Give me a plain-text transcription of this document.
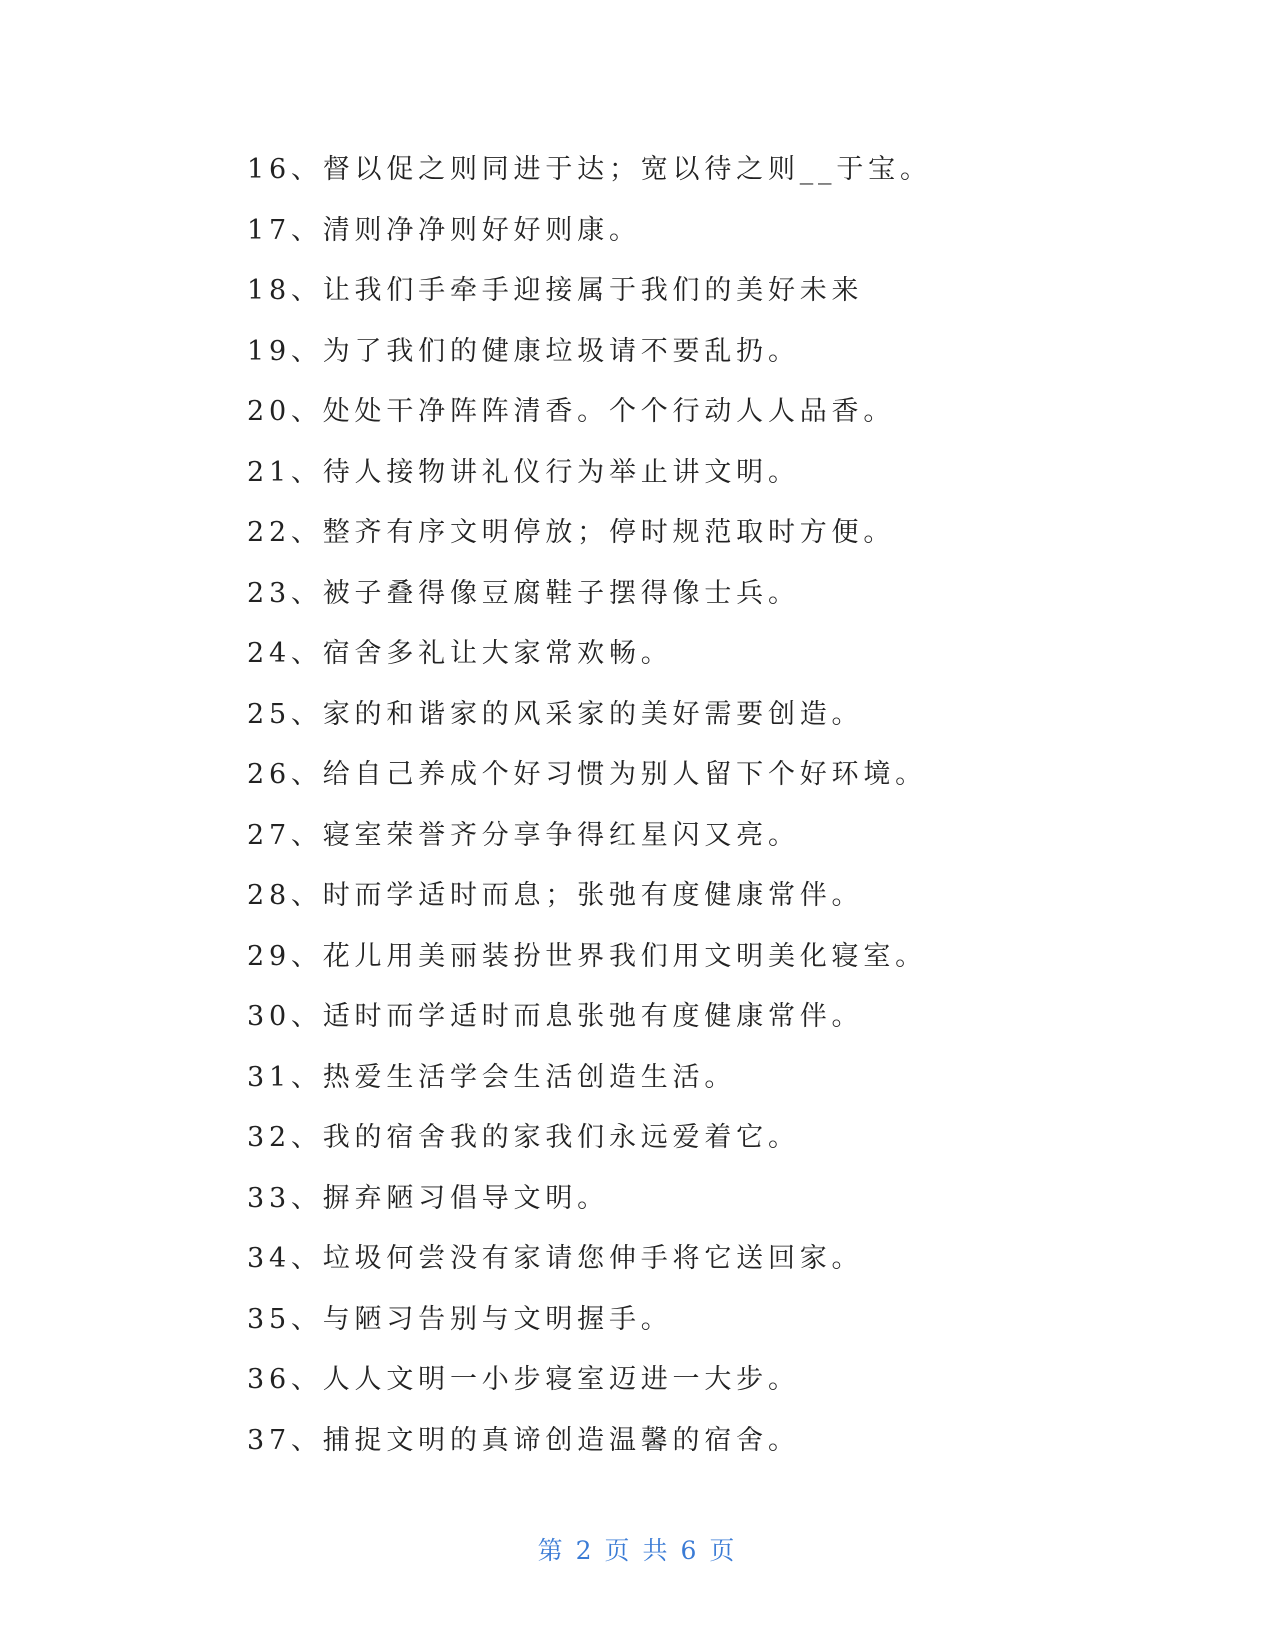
16、督以促之则同进于达；宽以待之则__于宝。
17、清则净净则好好则康。
18、让我们手牵手迎接属于我们的美好未来
19、为了我们的健康垃圾请不要乱扔。
20、处处干净阵阵清香。个个行动人人品香。
21、待人接物讲礼仪行为举止讲文明。
22、整齐有序文明停放；停时规范取时方便。
23、被子叠得像豆腐鞋子摆得像士兵。
24、宿舍多礼让大家常欢畅。
25、家的和谐家的风采家的美好需要创造。
26、给自己养成个好习惯为别人留下个好环境。
27、寝室荣誉齐分享争得红星闪又亮。
28、时而学适时而息；张弛有度健康常伴。
29、花儿用美丽装扮世界我们用文明美化寝室。
30、适时而学适时而息张弛有度健康常伴。
31、热爱生活学会生活创造生活。
32、我的宿舍我的家我们永远爱着它。
33、摒弃陋习倡导文明。
34、垃圾何尝没有家请您伸手将它送回家。
35、与陋习告别与文明握手。
36、人人文明一小步寝室迈进一大步。
37、捕捉文明的真谛创造温馨的宿舍。
第 2 页 共 6 页
